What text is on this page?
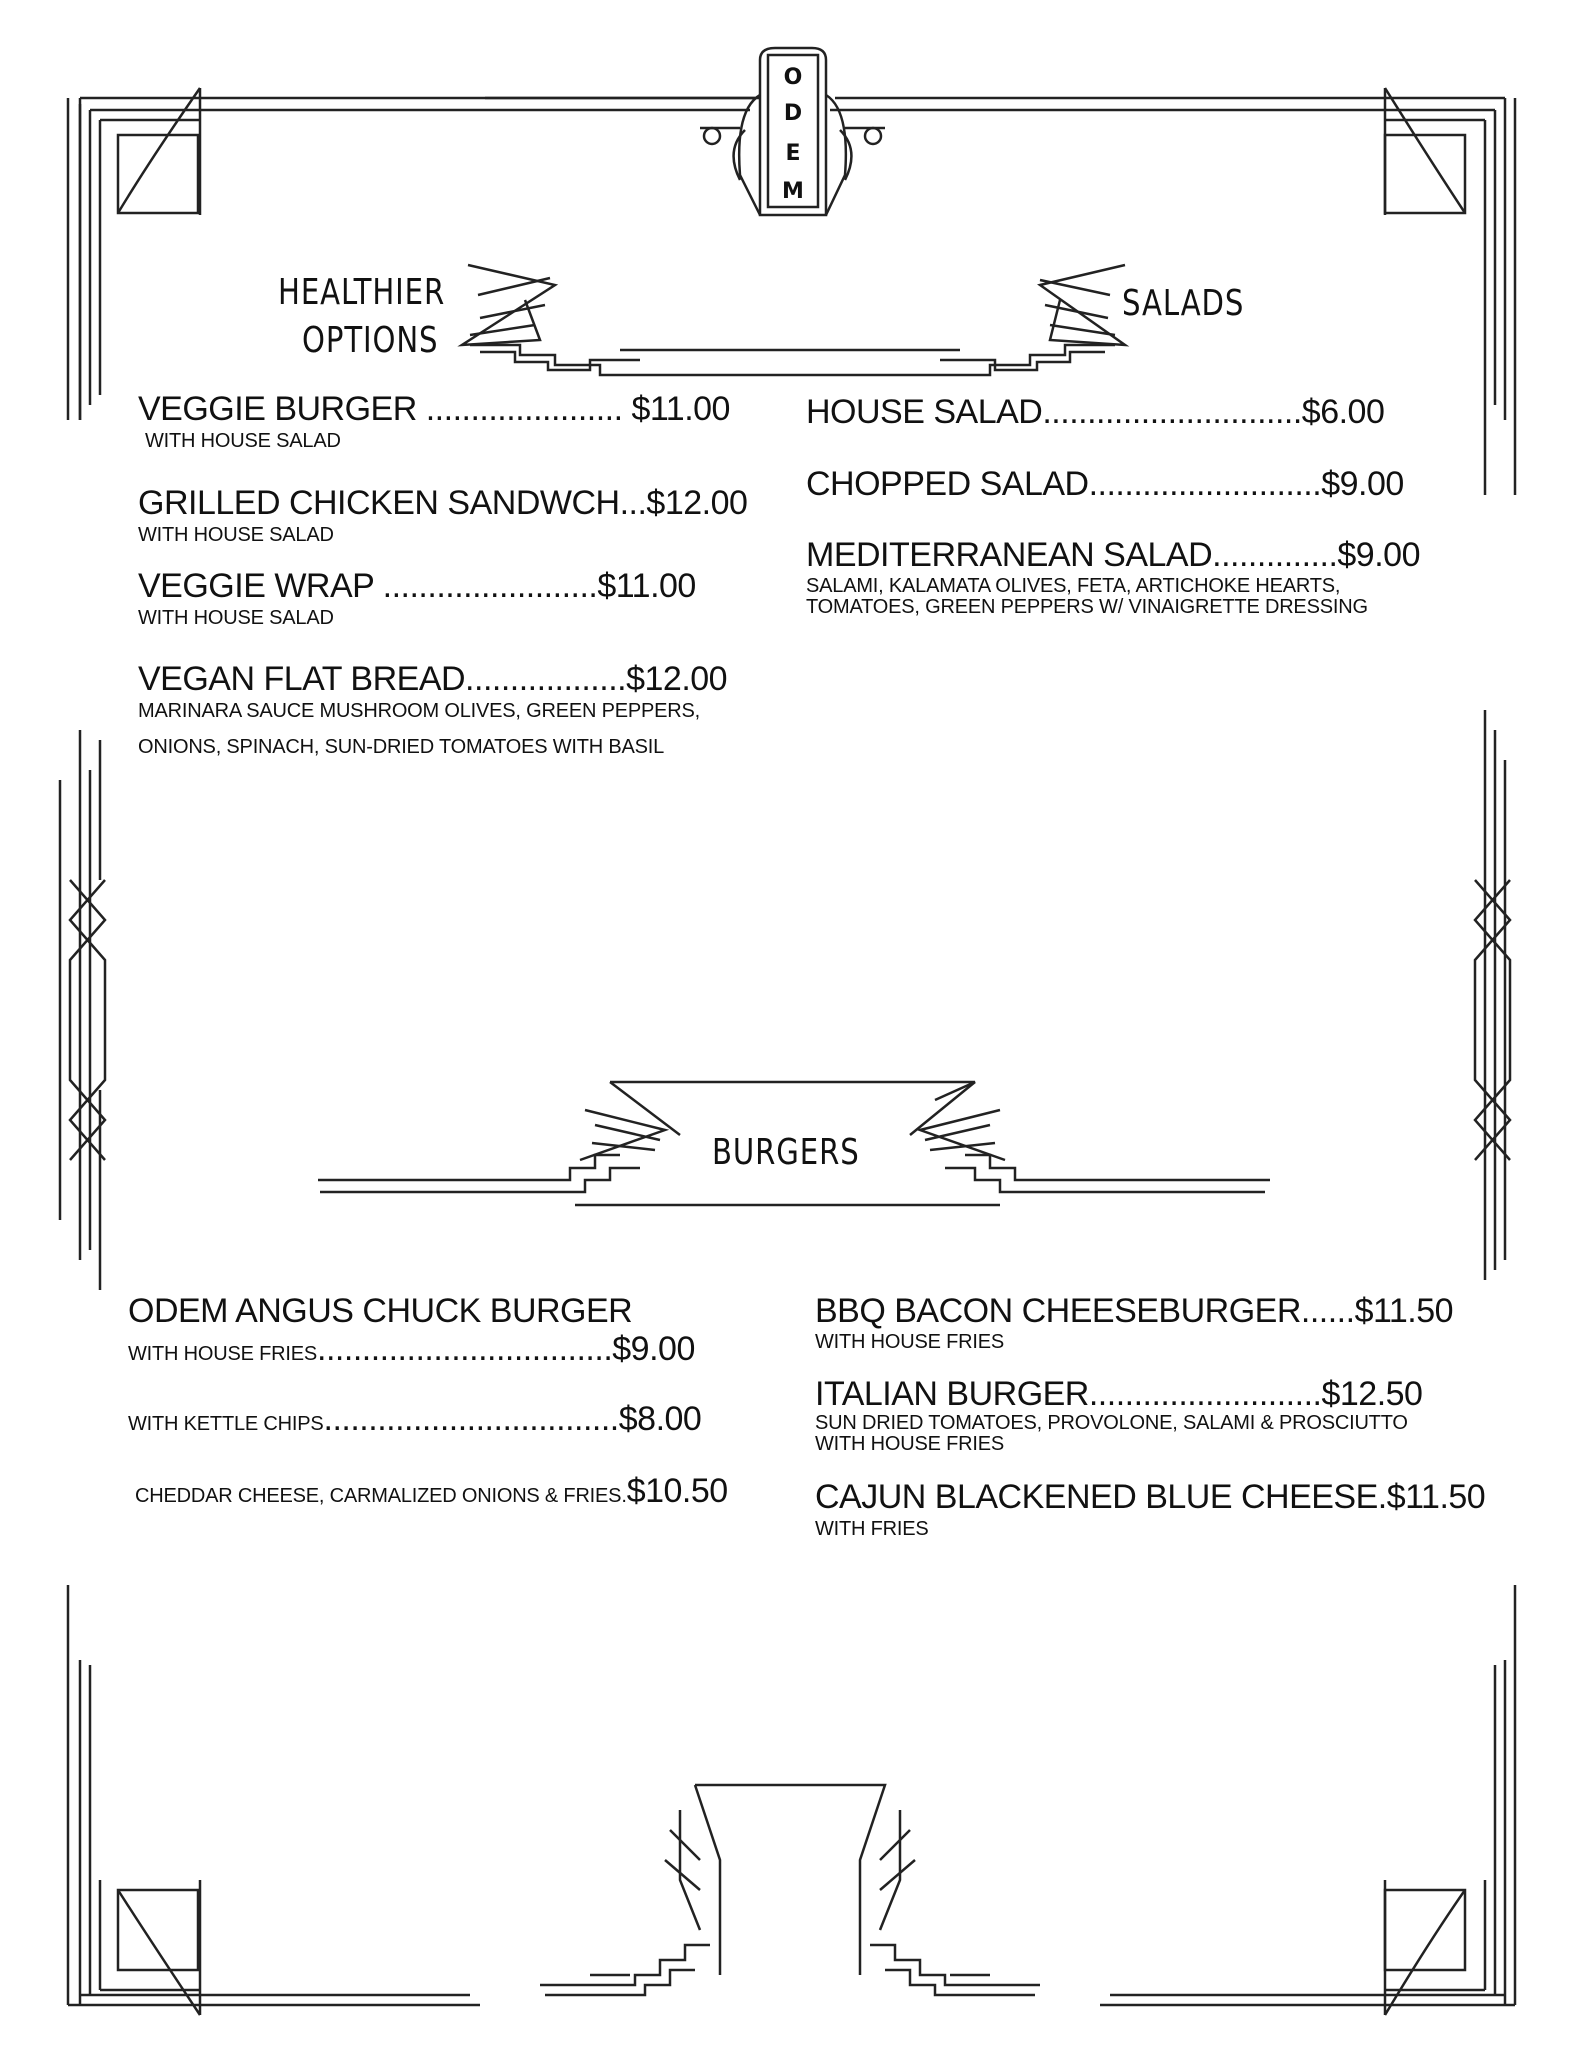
O
D
E
M
HEALTHIER
OPTIONS
SALADS
BURGERS
VEGGIE BURGER ...................... $11.00
WITH HOUSE SALAD
GRILLED CHICKEN SANDWCH...$12.00
WITH HOUSE SALAD
VEGGIE WRAP ........................$11.00
WITH HOUSE SALAD
VEGAN FLAT BREAD..................$12.00
MARINARA SAUCE MUSHROOM OLIVES, GREEN PEPPERS,
ONIONS, SPINACH, SUN-DRIED TOMATOES WITH BASIL
HOUSE SALAD.............................$6.00
CHOPPED SALAD..........................$9.00
MEDITERRANEAN SALAD..............$9.00
SALAMI, KALAMATA OLIVES, FETA, ARTICHOKE HEARTS,
TOMATOES, GREEN PEPPERS W/ VINAIGRETTE DRESSING
ODEM ANGUS CHUCK BURGER
WITH HOUSE FRIES.................................$9.00
WITH KETTLE CHIPS.................................$8.00
CHEDDAR CHEESE, CARMALIZED ONIONS & FRIES.$10.50
BBQ BACON CHEESEBURGER......$11.50
WITH HOUSE FRIES
ITALIAN BURGER..........................$12.50
SUN DRIED TOMATOES, PROVOLONE, SALAMI & PROSCIUTTO
WITH HOUSE FRIES
CAJUN BLACKENED BLUE CHEESE.$11.50
WITH FRIES
